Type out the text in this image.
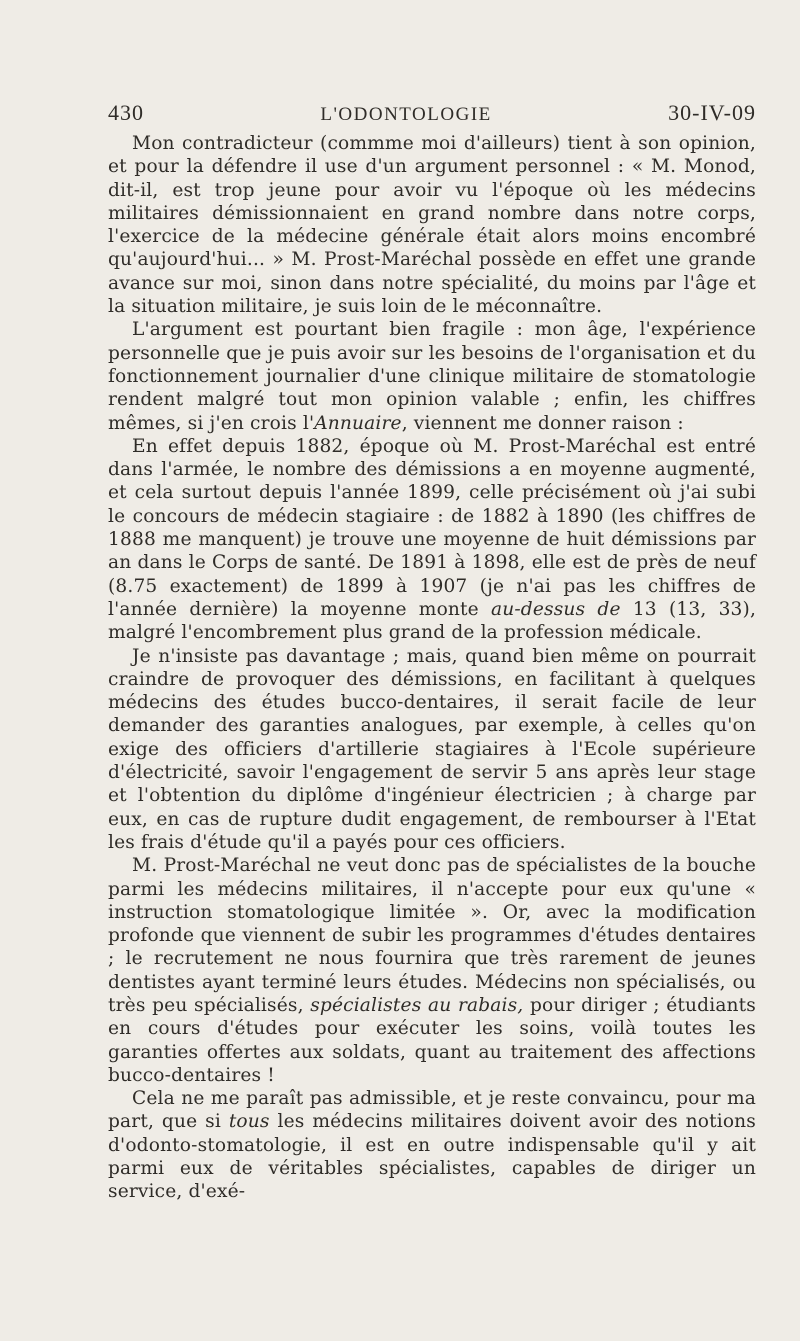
430	L'ODONTOLOGIE	30-IV-09

Mon contradicteur (commme moi d'ailleurs) tient à son opinion, et pour la défendre il use d'un argument personnel : « M. Monod, dit-il, est trop jeune pour avoir vu l'époque où les médecins militaires démissionnaient en grand nombre dans notre corps, l'exercice de la médecine générale était alors moins encombré qu'aujourd'hui... » M. Prost-Maréchal possède en effet une grande avance sur moi, sinon dans notre spécialité, du moins par l'âge et la situation militaire, je suis loin de le méconnaître.

L'argument est pourtant bien fragile : mon âge, l'expérience personnelle que je puis avoir sur les besoins de l'organisation et du fonctionnement journalier d'une clinique militaire de stomatologie rendent malgré tout mon opinion valable ; enfin, les chiffres mêmes, si j'en crois l'Annuaire, viennent me donner raison :

En effet depuis 1882, époque où M. Prost-Maréchal est entré dans l'armée, le nombre des démissions a en moyenne augmenté, et cela surtout depuis l'année 1899, celle précisément où j'ai subi le concours de médecin stagiaire : de 1882 à 1890 (les chiffres de 1888 me manquent) je trouve une moyenne de huit démissions par an dans le Corps de santé. De 1891 à 1898, elle est de près de neuf (8.75 exactement) de 1899 à 1907 (je n'ai pas les chiffres de l'année dernière) la moyenne monte au-dessus de 13 (13, 33), malgré l'encombrement plus grand de la profession médicale.

Je n'insiste pas davantage ; mais, quand bien même on pourrait craindre de provoquer des démissions, en facilitant à quelques médecins des études bucco-dentaires, il serait facile de leur demander des garanties analogues, par exemple, à celles qu'on exige des officiers d'artillerie stagiaires à l'Ecole supérieure d'électricité, savoir l'engagement de servir 5 ans après leur stage et l'obtention du diplôme d'ingénieur électricien ; à charge par eux, en cas de rupture dudit engagement, de rembourser à l'Etat les frais d'étude qu'il a payés pour ces officiers.

M. Prost-Maréchal ne veut donc pas de spécialistes de la bouche parmi les médecins militaires, il n'accepte pour eux qu'une « instruction stomatologique limitée ». Or, avec la modification profonde que viennent de subir les programmes d'études dentaires ; le recrutement ne nous fournira que très rarement de jeunes dentistes ayant terminé leurs études. Médecins non spécialisés, ou très peu spécialisés, spécialistes au rabais, pour diriger ; étudiants en cours d'études pour exécuter les soins, voilà toutes les garanties offertes aux soldats, quant au traitement des affections bucco-dentaires !

Cela ne me paraît pas admissible, et je reste convaincu, pour ma part, que si tous les médecins militaires doivent avoir des notions d'odonto-stomatologie, il est en outre indispensable qu'il y ait parmi eux de véritables spécialistes, capables de diriger un service, d'exé-
